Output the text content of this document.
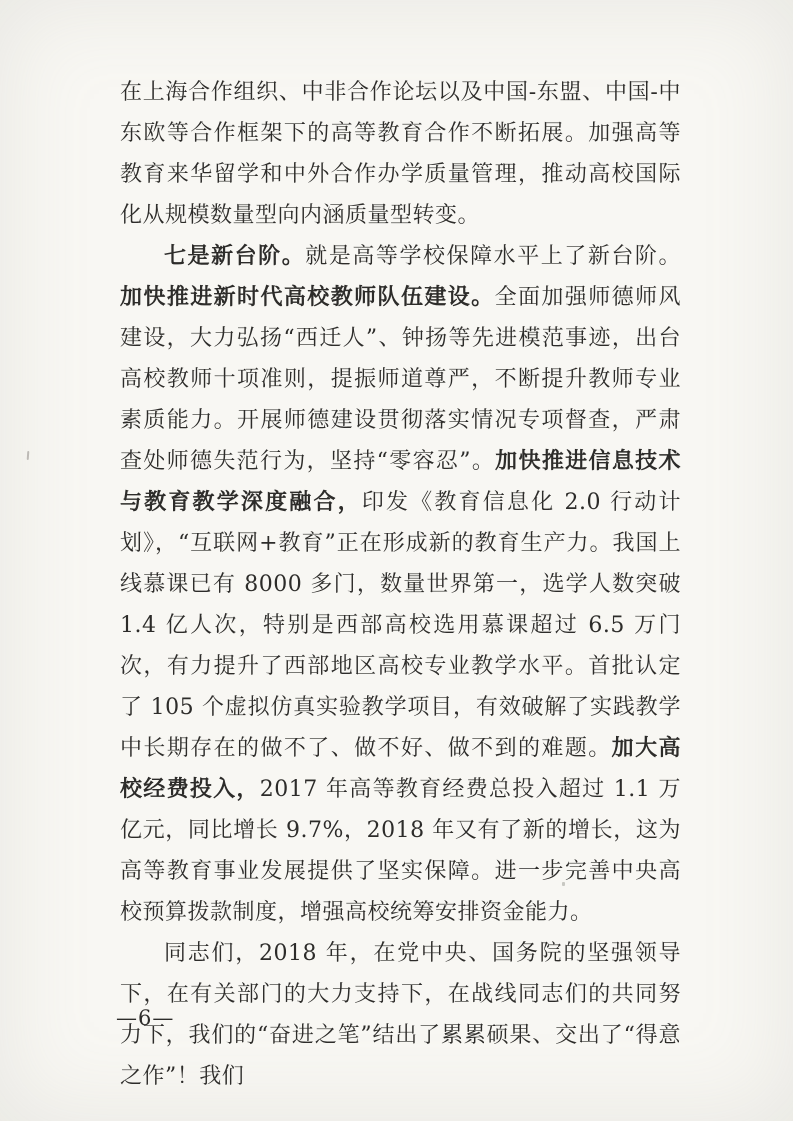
在上海合作组织、中非合作论坛以及中国-东盟、中国-中东欧等合作框架下的高等教育合作不断拓展。加强高等教育来华留学和中外合作办学质量管理，推动高校国际化从规模数量型向内涵质量型转变。

七是新台阶。就是高等学校保障水平上了新台阶。加快推进新时代高校教师队伍建设。全面加强师德师风建设，大力弘扬“西迁人”、钟扬等先进模范事迹，出台高校教师十项准则，提振师道尊严，不断提升教师专业素质能力。开展师德建设贯彻落实情况专项督查，严肃查处师德失范行为，坚持“零容忍”。加快推进信息技术与教育教学深度融合，印发《教育信息化 2.0 行动计划》，“互联网+教育”正在形成新的教育生产力。我国上线慕课已有 8000 多门，数量世界第一，选学人数突破 1.4 亿人次，特别是西部高校选用慕课超过 6.5 万门次，有力提升了西部地区高校专业教学水平。首批认定了 105 个虚拟仿真实验教学项目，有效破解了实践教学中长期存在的做不了、做不好、做不到的难题。加大高校经费投入，2017 年高等教育经费总投入超过 1.1 万亿元，同比增长 9.7%，2018 年又有了新的增长，这为高等教育事业发展提供了坚实保障。进一步完善中央高校预算拨款制度，增强高校统筹安排资金能力。

同志们，2018 年，在党中央、国务院的坚强领导下，在有关部门的大力支持下，在战线同志们的共同努力下，我们的“奋进之笔”结出了累累硕果、交出了“得意之作”！我们

—6—
